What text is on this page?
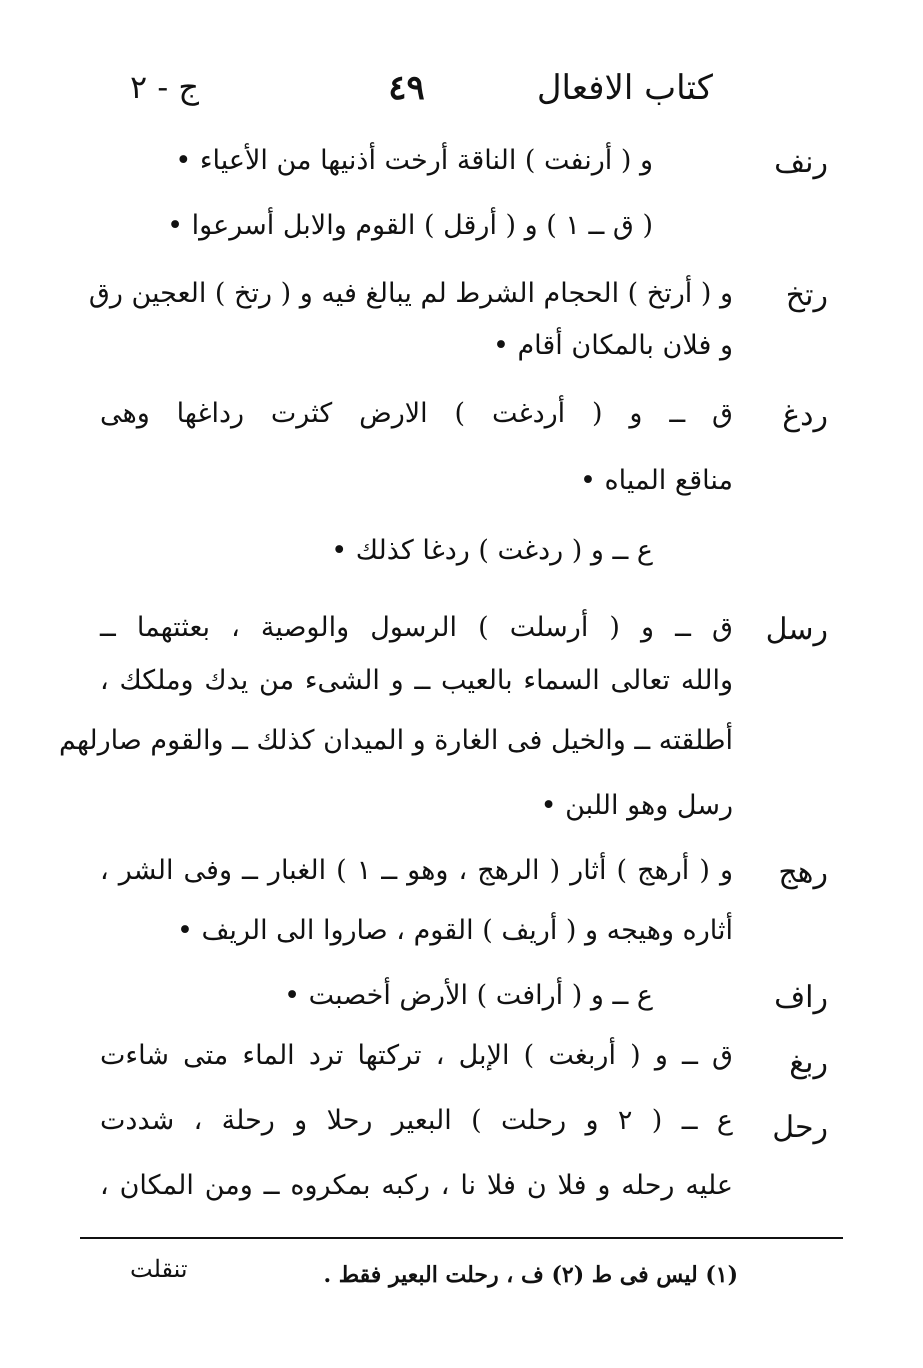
كتاب الافعال
٤٩
ج - ٢
رنف
رتخ
ردغ
رسل
رهج
راف
ربغ
رحل
و ( أرنفت ) الناقة أرخت أذنيها من الأعياء •
( ق ــ ١ ) و ( أرقل ) القوم والابل أسرعوا •
و ( أرتخ ) الحجام الشرط لم يبالغ فيه و ( رتخ ) العجين رق
و فلان بالمكان أقام •
ق ــ و ( أردغت ) الارض كثرت رداغها وهى
مناقع المياه •
ع ــ و ( ردغت ) ردغا كذلك •
ق ــ و ( أرسلت ) الرسول والوصية ، بعثتهما ــ
والله تعالى السماء بالعيب ــ و الشىء من يدك وملكك ،
أطلقته ــ والخيل فى الغارة و الميدان كذلك ــ والقوم صارلهم
رسل وهو اللبن •
و ( أرهج ) أثار ( الرهج ، وهو ــ ١ ) الغبار ــ وفى الشر ،
أثاره وهيجه و ( أريف ) القوم ، صاروا الى الريف •
ع ــ و ( أرافت ) الأرض أخصبت •
ق ــ و ( أربغت ) الإبل ، تركتها ترد الماء متى شاءت
ع ــ ( ٢ و رحلت ) البعير رحلا و رحلة ، شددت
عليه رحله و فلا ن فلا نا ، ركبه بمكروه ــ ومن المكان ،
(١) ليس فى ط (٢) ف ، رحلت البعير فقط .
تنقلت
